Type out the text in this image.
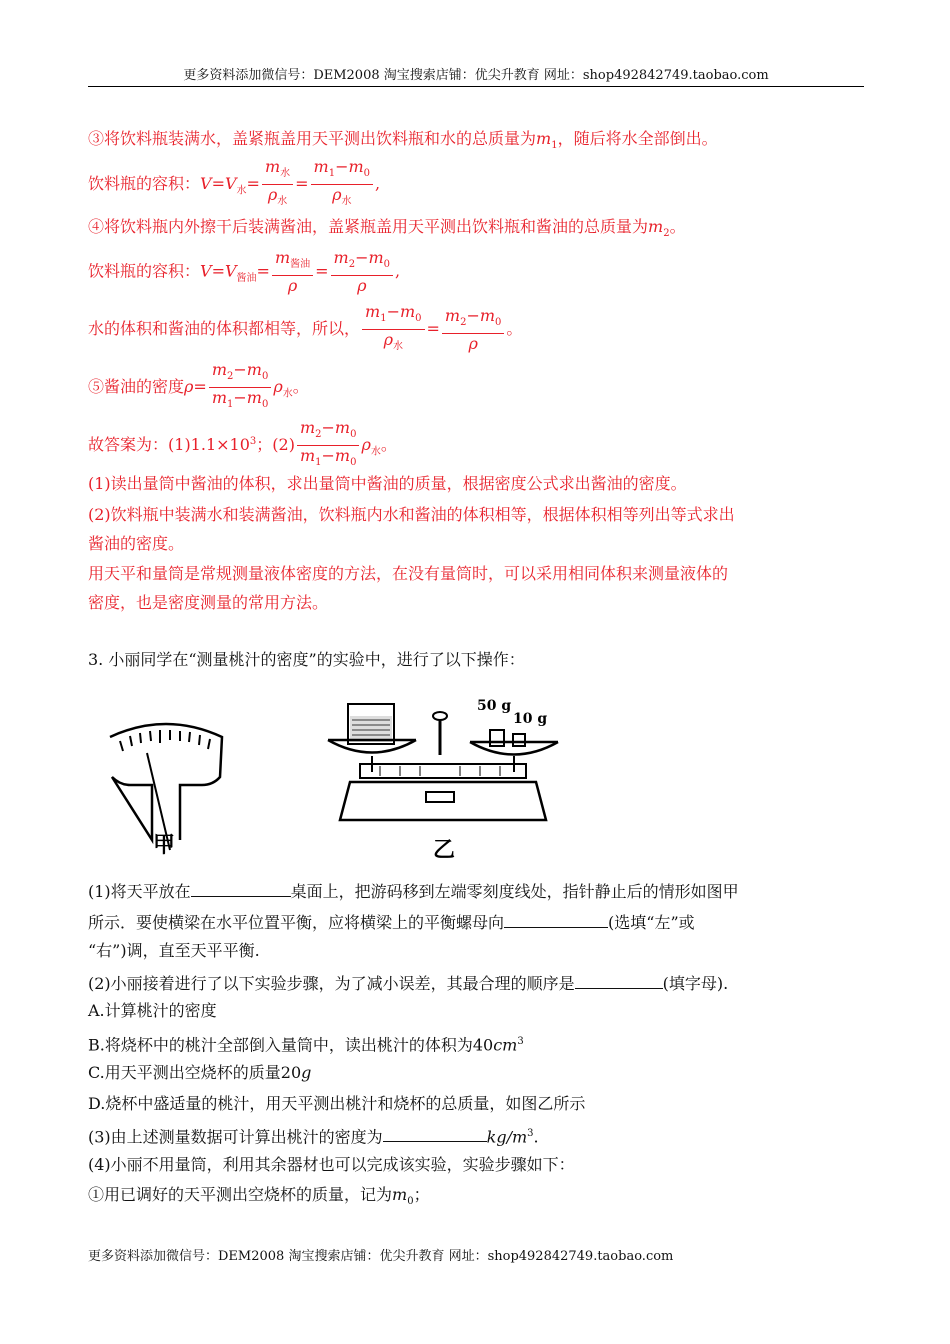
更多资料添加微信号：DEM2008 淘宝搜索店铺：优尖升教育 网址：shop492842749.taobao.com
③将饮料瓶装满水，盖紧瓶盖用天平测出饮料瓶和水的总质量为$m_1$，随后将水全部倒出。
饮料瓶的容积：$V=V_水= \frac{m_水}{\rho_水} = \frac{m_1-m_0}{\rho_水}$ ,
④将饮料瓶内外擦干后装满酱油，盖紧瓶盖用天平测出饮料瓶和酱油的总质量为$m_2$。
饮料瓶的容积：$V=V_{酱油}= \frac{m_{酱油}}{\rho} = \frac{m_2-m_0}{\rho}$ ,
水的体积和酱油的体积都相等，所以， $\frac{m_1-m_0}{\rho_水} = \frac{m_2-m_0}{\rho}$ 。
⑤酱油的密度$\rho= \frac{m_2-m_0}{m_1-m_0} \rho_水$。
故答案为：$(1)1.1\times 10^3$；$(2) \frac{m_2-m_0}{m_1-m_0} \rho_水$。
(1)读出量筒中酱油的体积，求出量筒中酱油的质量，根据密度公式求出酱油的密度。
(2)饮料瓶中装满水和装满酱油，饮料瓶内水和酱油的体积相等，根据体积相等列出等式求出
酱油的密度。
用天平和量筒是常规测量液体密度的方法，在没有量筒时，可以采用相同体积来测量液体的
密度，也是密度测量的常用方法。
3. 小丽同学在“测量桃汁的密度”的实验中，进行了以下操作：
甲
50 g
10 g
乙
(1)将天平放在	桌面上，把游码移到左端零刻度线处，指针静止后的情形如图甲
所示．要使横梁在水平位置平衡，应将横梁上的平衡螺母向	(选填“左”或
“右”)调，直至天平平衡.
(2)小丽接着进行了以下实验步骤，为了减小误差，其最合理的顺序是	(填字母).
A.计算桃汁的密度
B.将烧杯中的桃汁全部倒入量筒中，读出桃汁的体积为$40cm^3$
C.用天平测出空烧杯的质量20g
D.烧杯中盛适量的桃汁，用天平测出桃汁和烧杯的总质量，如图乙所示
(3)由上述测量数据可计算出桃汁的密度为	$kg/m^3$.
(4)小丽不用量筒，利用其余器材也可以完成该实验，实验步骤如下：
①用已调好的天平测出空烧杯的质量，记为$m_0$；
更多资料添加微信号：DEM2008 淘宝搜索店铺：优尖升教育 网址：shop492842749.taobao.com
